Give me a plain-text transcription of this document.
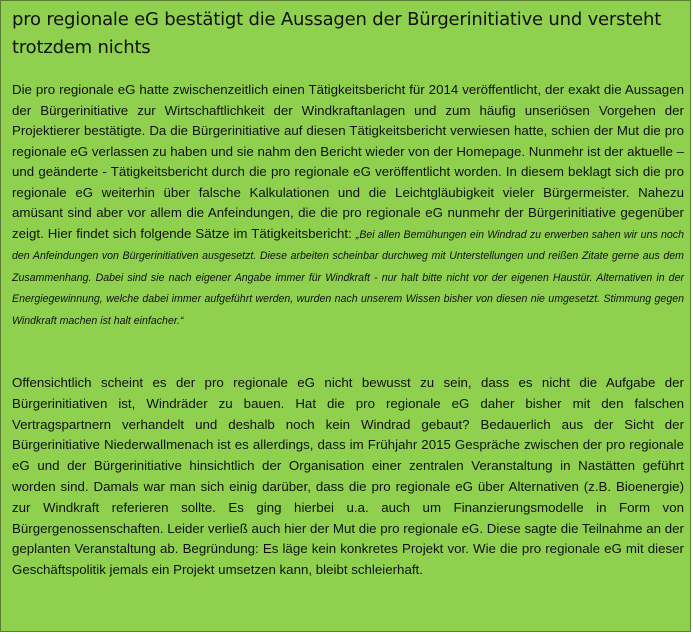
pro regionale eG bestätigt die Aussagen der Bürgerinitiative und versteht trotzdem nichts

Die pro regionale eG hatte zwischenzeitlich einen Tätigkeitsbericht für 2014 veröffentlicht, der exakt die Aussagen der Bürgerinitiative zur Wirtschaftlichkeit der Windkraftanlagen und zum häufig unseriösen Vorgehen der Projektierer bestätigte. Da die Bürgerinitiative auf diesen Tätigkeitsbericht verwiesen hatte, schien der Mut die pro regionale eG verlassen zu haben und sie nahm den Bericht wieder von der Homepage. Nunmehr ist der aktuelle – und geänderte - Tätigkeitsbericht durch die pro regionale eG veröffentlicht worden. In diesem beklagt sich die pro regionale eG weiterhin über falsche Kalkulationen und die Leichtgläubigkeit vieler Bürgermeister. Nahezu amüsant sind aber vor allem die Anfeindungen, die die pro regionale eG nunmehr der Bürgerinitiative gegenüber zeigt. Hier findet sich folgende Sätze im Tätigkeitsbericht: „Bei allen Bemühungen ein Windrad zu erwerben sahen wir uns noch den Anfeindungen von Bürgerinitiativen ausgesetzt. Diese arbeiten scheinbar durchweg mit Unterstellungen und reißen Zitate gerne aus dem Zusammenhang. Dabei sind sie nach eigener Angabe immer für Windkraft - nur halt bitte nicht vor der eigenen Haustür. Alternativen in der Energiegewinnung, welche dabei immer aufgeführt werden, wurden nach unserem Wissen bisher von diesen nie umgesetzt. Stimmung gegen Windkraft machen ist halt einfacher.“

Offensichtlich scheint es der pro regionale eG nicht bewusst zu sein, dass es nicht die Aufgabe der Bürgerinitiativen ist, Windräder zu bauen. Hat die pro regionale eG daher bisher mit den falschen Vertragspartnern verhandelt und deshalb noch kein Windrad gebaut? Bedauerlich aus der Sicht der Bürgerinitiative Niederwallmenach ist es allerdings, dass im Frühjahr 2015 Gespräche zwischen der pro regionale eG und der Bürgerinitiative hinsichtlich der Organisation einer zentralen Veranstaltung in Nastätten geführt worden sind. Damals war man sich einig darüber, dass die pro regionale eG über Alternativen (z.B. Bioenergie) zur Windkraft referieren sollte. Es ging hierbei u.a. auch um Finanzierungsmodelle in Form von Bürgergenossenschaften. Leider verließ auch hier der Mut die pro regionale eG. Diese sagte die Teilnahme an der geplanten Veranstaltung ab. Begründung: Es läge kein konkretes Projekt vor. Wie die pro regionale eG mit dieser Geschäftspolitik jemals ein Projekt umsetzen kann, bleibt schleierhaft.
